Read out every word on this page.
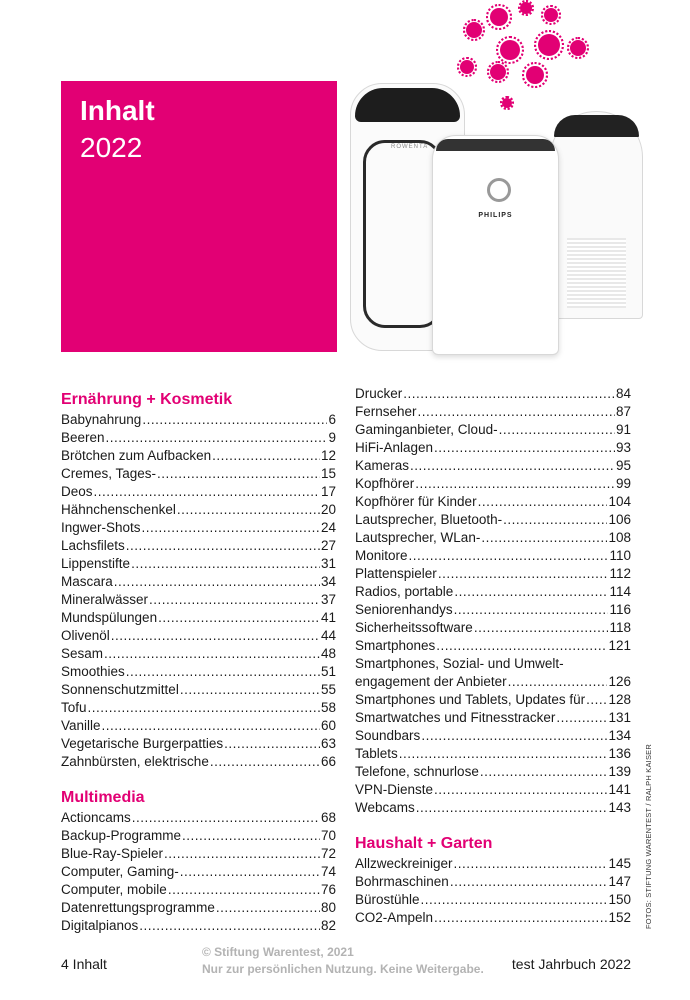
Inhalt
2022	ROWENTA
PHILIPS
Ernährung + Kosmetik
Babynahrung .....	6
Beeren .....	9
Brötchen zum Aufbacken .....	12
Cremes, Tages- .....	15
Deos .....	17
Hähnchenschenkel .....	20
Ingwer-Shots .....	24
Lachsfilets .....	27
Lippenstifte .....	31
Mascara .....	34
Mineralwässer .....	37
Mundspülungen .....	41
Olivenöl .....	44
Sesam .....	48
Smoothies .....	51
Sonnenschutzmittel .....	55
Tofu .....	58
Vanille .....	60
Vegetarische Burgerpatties .....	63
Zahnbürsten, elektrische .....	66
Multimedia
Actioncams .....	68
Backup-Programme .....	70
Blue-Ray-Spieler .....	72
Computer, Gaming- .....	74
Computer, mobile .....	76
Datenrettungsprogramme .....	80
Digitalpianos .....	82
Drucker .....	84
Fernseher .....	87
Gaminganbieter, Cloud- .....	91
HiFi-Anlagen .....	93
Kameras .....	95
Kopfhörer .....	99
Kopfhörer für Kinder .....	104
Lautsprecher, Bluetooth- .....	106
Lautsprecher, WLan- .....	108
Monitore .....	110
Plattenspieler .....	112
Radios, portable .....	114
Seniorenhandys .....	116
Sicherheitssoftware .....	118
Smartphones .....	121
Smartphones, Sozial- und Umwelt-
engagement der Anbieter .....	126
Smartphones und Tablets, Updates für ..... 128
Smartwatches und Fitnesstracker .....	131
Soundbars .....	134
Tablets .....	136
Telefone, schnurlose .....	139
VPN-Dienste .....	141
Webcams .....	143
Haushalt + Garten
Allzweckreiniger .....	145
Bohrmaschinen .....	147
Bürostühle .....	150
CO2-Ampeln .....	152 FOTOS: STIFTUNG WARENTEST / RALPH KAISER
4 Inhalt	test Jahrbuch 2022
© Stiftung Warentest, 2021
Nur zur persönlichen Nutzung. Keine Weitergabe.
